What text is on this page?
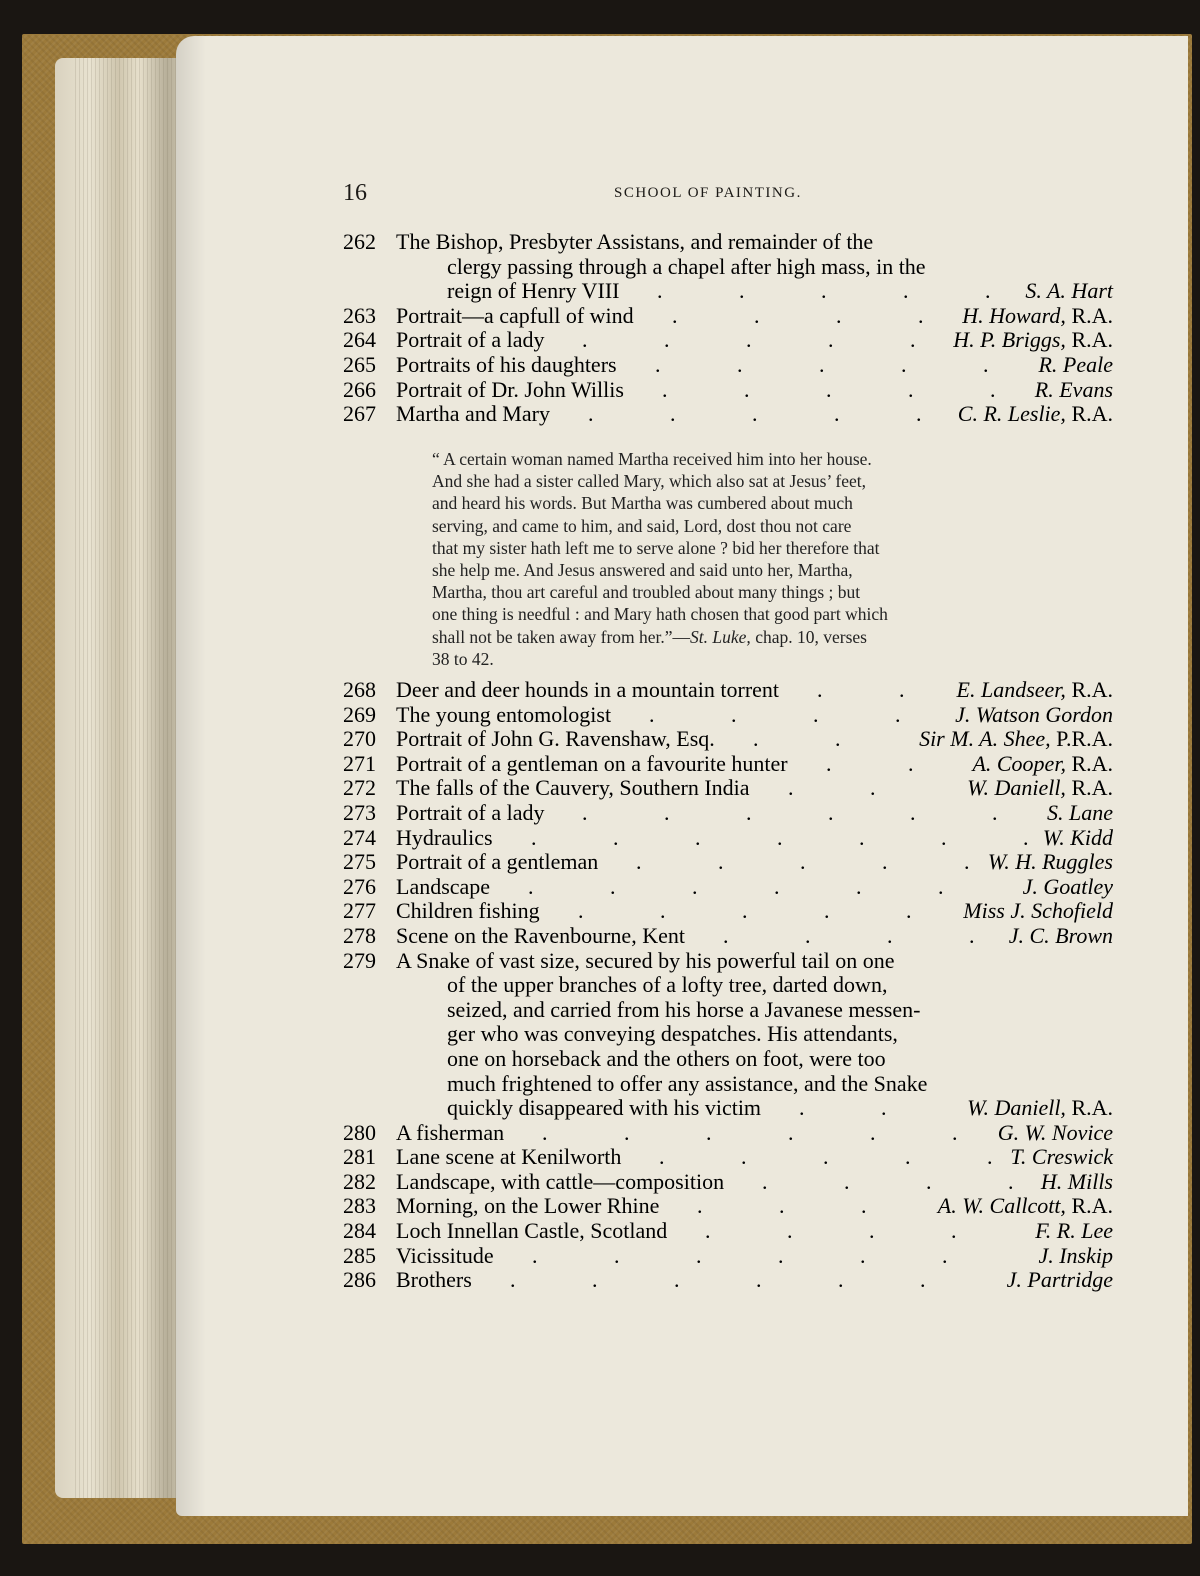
16	SCHOOL OF PAINTING.
262 The Bishop, Presbyter Assistans, and remainder of the
clergy passing through a chapel after high mass, in the
reign of Henry VIII	S. A. Hart
.	.	.	.	.
263 Portrait—a capfull of wind	H. Howard, R.A.
.	.	.	.
264 Portrait of a lady	H. P. Briggs, R.A.
.	.	.	.	.
265 Portraits of his daughters	R. Peale
.	.	.	.	.
266 Portrait of Dr. John Willis	R. Evans
.	.	.	.	.
267 Martha and Mary	C. R. Leslie, R.A.
.	.	.	.	.
“ A certain woman named Martha received him into her house.
And she had a sister called Mary, which also sat at Jesus’ feet,
and heard his words. But Martha was cumbered about much
serving, and came to him, and said, Lord, dost thou not care
that my sister hath left me to serve alone ? bid her therefore that
she help me. And Jesus answered and said unto her, Martha,
Martha, thou art careful and troubled about many things ; but
one thing is needful : and Mary hath chosen that good part which
shall not be taken away from her.”—St. Luke, chap. 10, verses
38 to 42.
268 Deer and deer hounds in a mountain torrent	E. Landseer, R.A.
.	.
269 The young entomologist	J. Watson Gordon
.	.	.	.
270 Portrait of John G. Ravenshaw, Esq.	Sir M. A. Shee, P.R.A.
.	.
271 Portrait of a gentleman on a favourite hunter	A. Cooper, R.A.
.	.
272 The falls of the Cauvery, Southern India	W. Daniell, R.A.
.	.
273 Portrait of a lady	S. Lane
.	.	.	.	.	.
274 Hydraulics	W. Kidd
.	.	.	.	.	.	.
275 Portrait of a gentleman	W. H. Ruggles
.	.	.	.	.
276 Landscape	J. Goatley
.	.	.	.	.	.
277 Children fishing	Miss J. Schofield
.	.	.	.	.
278 Scene on the Ravenbourne, Kent	J. C. Brown
.	.	.	.
279 A Snake of vast size, secured by his powerful tail on one
of the upper branches of a lofty tree, darted down,
seized, and carried from his horse a Javanese messen-
ger who was conveying despatches. His attendants,
one on horseback and the others on foot, were too
much frightened to offer any assistance, and the Snake
quickly disappeared with his victim	W. Daniell, R.A.
.	.
280 A fisherman	G. W. Novice
.	.	.	.	.	.
281 Lane scene at Kenilworth	T. Creswick
.	.	.	.	.
282 Landscape, with cattle—composition	H. Mills
.	.	.	.
283 Morning, on the Lower Rhine	A. W. Callcott, R.A.
.	.	.
284 Loch Innellan Castle, Scotland	F. R. Lee
.	.	.	.
285 Vicissitude	J. Inskip
.	.	.	.	.	.
286 Brothers	J. Partridge
.	.	.	.	.	.
